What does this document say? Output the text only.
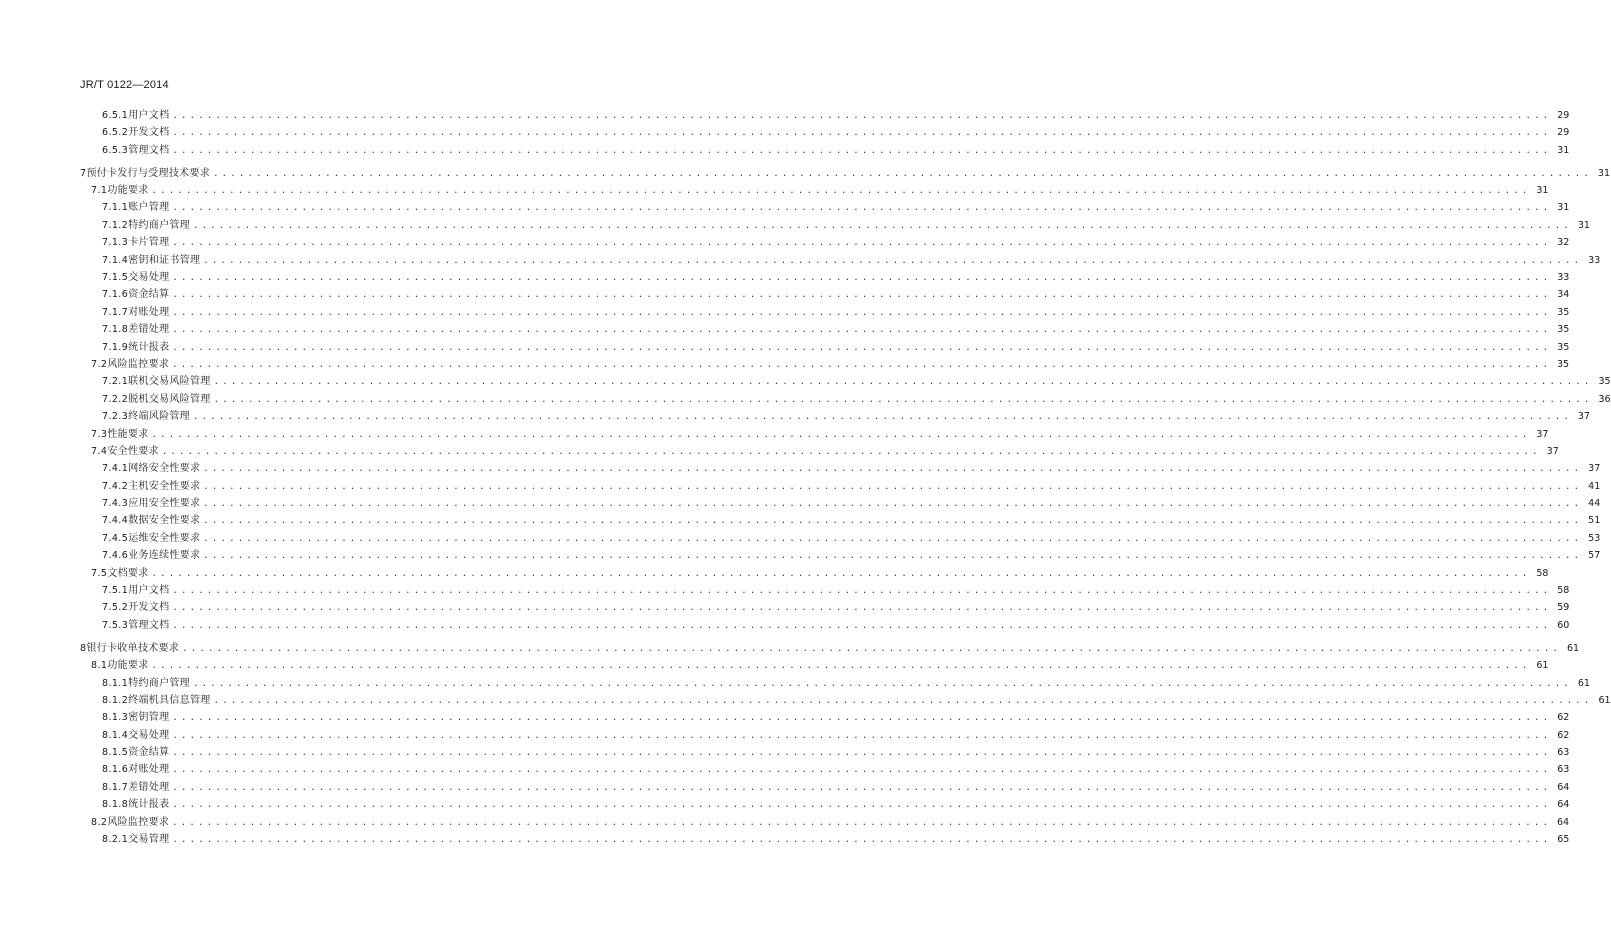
JR/T 0122—2014
6.5.1 用户文档 ................................................................................................................................................................ 29
6.5.2 开发文档 ................................................................................................................................................................ 29
6.5.3 管理文档 ................................................................................................................................................................ 31
7 预付卡发行与受理技术要求 ................................................................................................................................................................ 31
7.1 功能要求 ................................................................................................................................................................ 31
7.1.1 账户管理 ................................................................................................................................................................ 31
7.1.2 特约商户管理 ................................................................................................................................................................ 31
7.1.3 卡片管理 ................................................................................................................................................................ 32
7.1.4 密钥和证书管理 ................................................................................................................................................................ 33
7.1.5 交易处理 ................................................................................................................................................................ 33
7.1.6 资金结算 ................................................................................................................................................................ 34
7.1.7 对账处理 ................................................................................................................................................................ 35
7.1.8 差错处理 ................................................................................................................................................................ 35
7.1.9 统计报表 ................................................................................................................................................................ 35
7.2 风险监控要求 ................................................................................................................................................................ 35
7.2.1 联机交易风险管理 ................................................................................................................................................................ 35
7.2.2 脱机交易风险管理 ................................................................................................................................................................ 36
7.2.3 终端风险管理 ................................................................................................................................................................ 37
7.3 性能要求 ................................................................................................................................................................ 37
7.4 安全性要求 ................................................................................................................................................................ 37
7.4.1 网络安全性要求 ................................................................................................................................................................ 37
7.4.2 主机安全性要求 ................................................................................................................................................................ 41
7.4.3 应用安全性要求 ................................................................................................................................................................ 44
7.4.4 数据安全性要求 ................................................................................................................................................................ 51
7.4.5 运维安全性要求 ................................................................................................................................................................ 53
7.4.6 业务连续性要求 ................................................................................................................................................................ 57
7.5 文档要求 ................................................................................................................................................................ 58
7.5.1 用户文档 ................................................................................................................................................................ 58
7.5.2 开发文档 ................................................................................................................................................................ 59
7.5.3 管理文档 ................................................................................................................................................................ 60
8 银行卡收单技术要求 ................................................................................................................................................................ 61
8.1 功能要求 ................................................................................................................................................................ 61
8.1.1 特约商户管理 ................................................................................................................................................................ 61
8.1.2 终端机具信息管理 ................................................................................................................................................................ 61
8.1.3 密钥管理 ................................................................................................................................................................ 62
8.1.4 交易处理 ................................................................................................................................................................ 62
8.1.5 资金结算 ................................................................................................................................................................ 63
8.1.6 对账处理 ................................................................................................................................................................ 63
8.1.7 差错处理 ................................................................................................................................................................ 64
8.1.8 统计报表 ................................................................................................................................................................ 64
8.2 风险监控要求 ................................................................................................................................................................ 64
8.2.1 交易管理 ................................................................................................................................................................ 65
